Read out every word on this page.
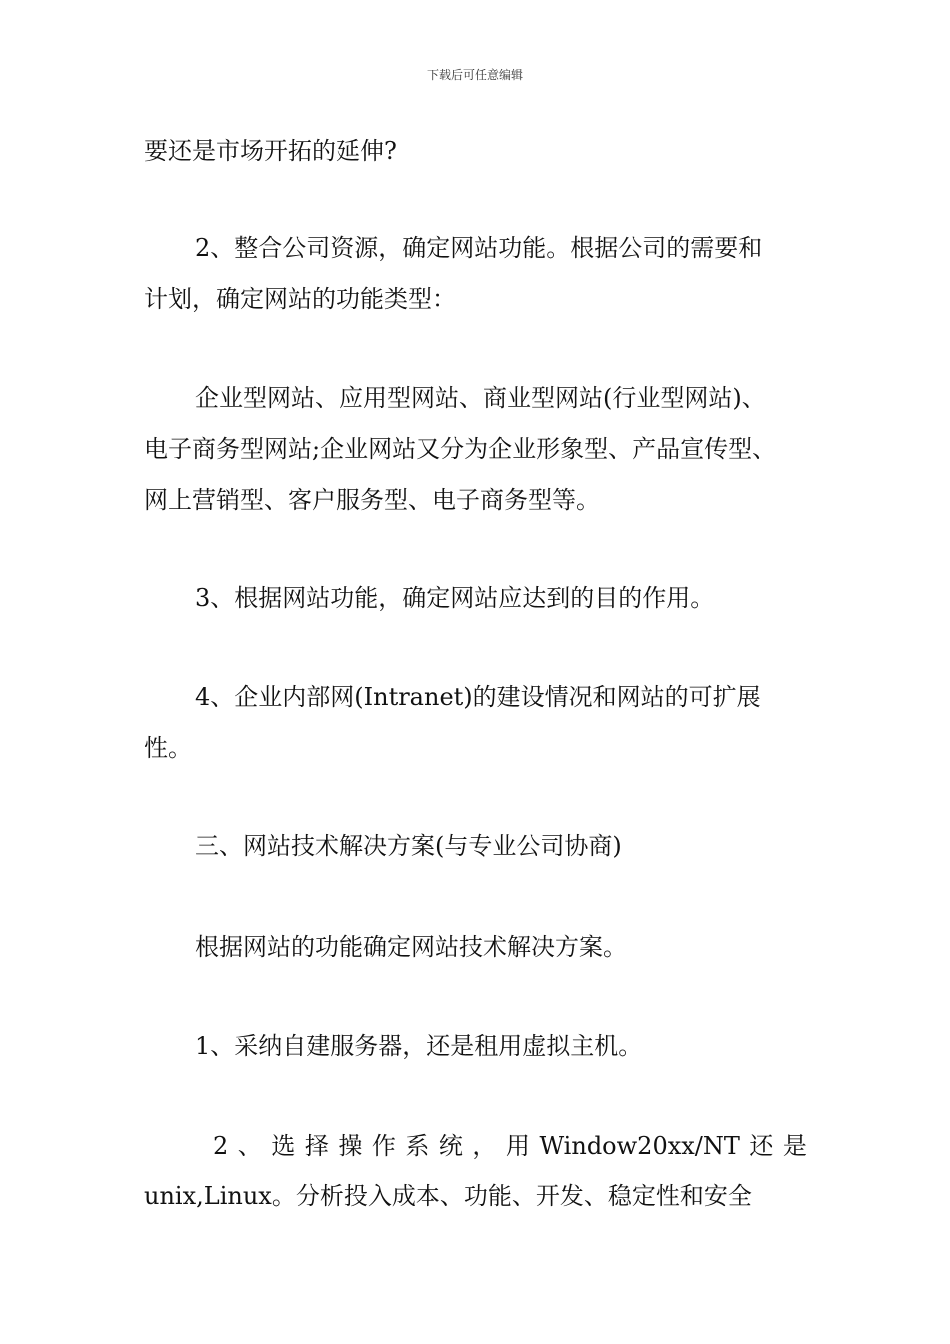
下载后可任意编辑
要还是市场开拓的延伸?
2、整合公司资源，确定网站功能。根据公司的需要和
计划，确定网站的功能类型：
企业型网站、应用型网站、商业型网站(行业型网站)、
电子商务型网站;企业网站又分为企业形象型、产品宣传型、
网上营销型、客户服务型、电子商务型等。
3、根据网站功能，确定网站应达到的目的作用。
4、企业内部网(Intranet)的建设情况和网站的可扩展
性。
三、网站技术解决方案(与专业公司协商)
根据网站的功能确定网站技术解决方案。
1、采纳自建服务器，还是租用虚拟主机。
2 、 选 择 操 作 系 统 ， 用 Window20xx/NT 还 是
unix,Linux。分析投入成本、功能、开发、稳定性和安全
